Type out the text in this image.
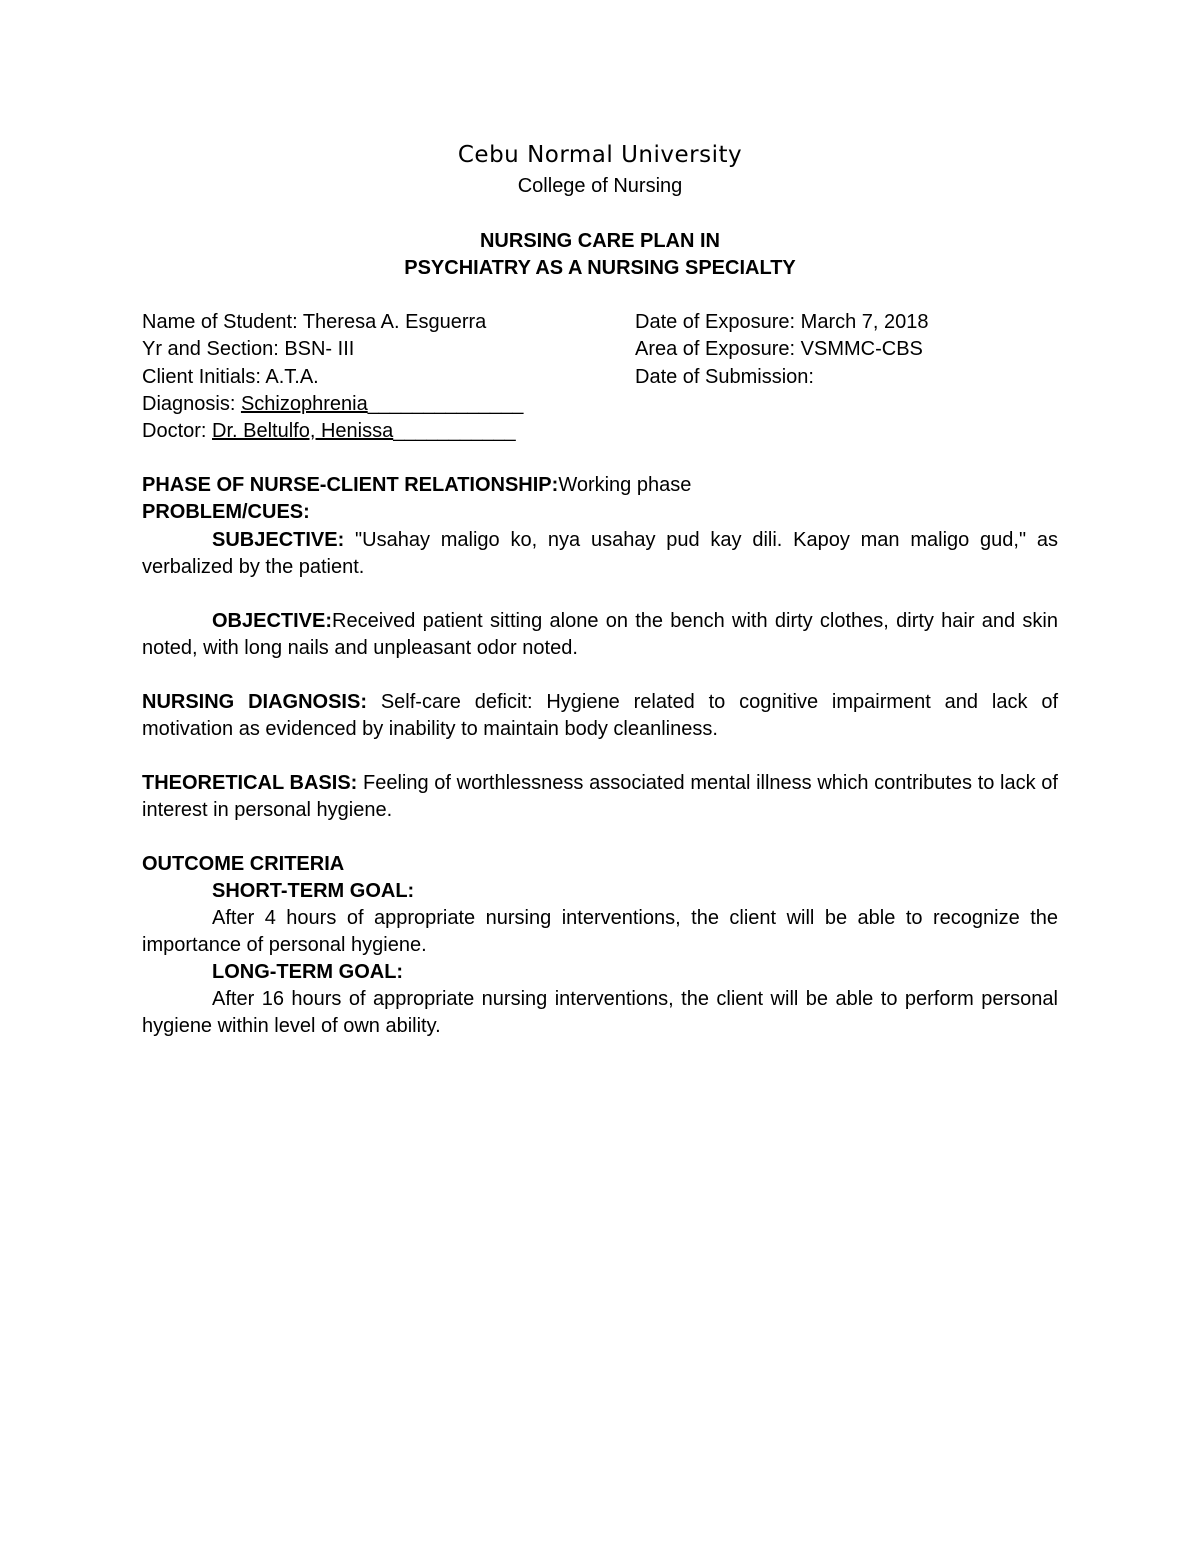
Cebu Normal University
College of Nursing
NURSING CARE PLAN IN
PSYCHIATRY AS A NURSING SPECIALTY
Name of Student: Theresa A. Esguerra
Yr and Section: BSN- III
Client Initials: A.T.A.
Diagnosis: Schizophrenia______________
Doctor: Dr. Beltulfo, Henissa___________
Date of Exposure: March 7, 2018
Area of Exposure: VSMMC-CBS
Date of Submission:
PHASE OF NURSE-CLIENT RELATIONSHIP:Working phase
PROBLEM/CUES:
SUBJECTIVE: "Usahay maligo ko, nya usahay pud kay dili. Kapoy man maligo gud," as verbalized by the patient.
OBJECTIVE:Received patient sitting alone on the bench with dirty clothes, dirty hair and skin noted, with long nails and unpleasant odor noted.
NURSING DIAGNOSIS: Self-care deficit: Hygiene related to cognitive impairment and lack of motivation as evidenced by inability to maintain body cleanliness.
THEORETICAL BASIS: Feeling of worthlessness associated mental illness which contributes to lack of interest in personal hygiene.
OUTCOME CRITERIA
SHORT-TERM GOAL:
After 4 hours of appropriate nursing interventions, the client will be able to recognize the importance of personal hygiene.
LONG-TERM GOAL:
After 16 hours of appropriate nursing interventions, the client will be able to perform personal hygiene within level of own ability.
